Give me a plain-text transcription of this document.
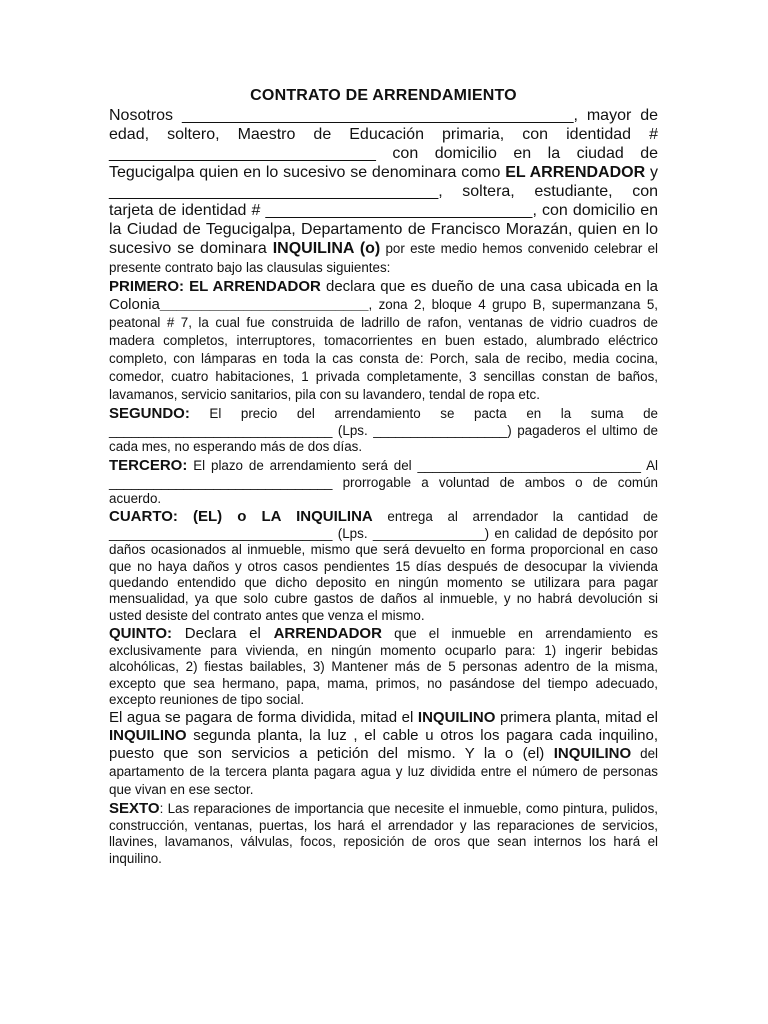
CONTRATO DE ARRENDAMIENTO

Nosotros ____________________________________________, mayor de edad, soltero, Maestro de Educación primaria, con identidad # ______________________________ con domicilio en la ciudad de Tegucigalpa quien en lo sucesivo se denominara como EL ARRENDADOR y _____________________________________, soltera, estudiante, con tarjeta de identidad # ______________________________, con domicilio en la Ciudad de Tegucigalpa, Departamento de Francisco Morazán, quien en lo sucesivo se dominara INQUILINA (o) por este medio hemos convenido celebrar el presente contrato bajo las clausulas siguientes:

PRIMERO: EL ARRENDADOR declara que es dueño de una casa ubicada en la Colonia_________________________, zona 2, bloque 4 grupo B, supermanzana 5, peatonal # 7, la cual fue construida de ladrillo de rafon, ventanas de vidrio cuadros de madera completos, interruptores, tomacorrientes en buen estado, alumbrado eléctrico completo, con lámparas en toda la cas consta de: Porch, sala de recibo, media cocina, comedor, cuatro habitaciones, 1 privada completamente, 3 sencillas constan de baños, lavamanos, servicio sanitarios, pila con su lavandero, tendal de ropa etc.

SEGUNDO: El precio del arrendamiento se pacta en la suma de ______________________________ (Lps. __________________) pagaderos el ultimo de cada mes, no esperando más de dos días.

TERCERO: El plazo de arrendamiento será del ______________________________ Al ______________________________ prorrogable a voluntad de ambos o de común acuerdo.

CUARTO: (EL) o LA INQUILINA entrega al arrendador la cantidad de ______________________________ (Lps. _______________) en calidad de depósito por daños ocasionados al inmueble, mismo que será devuelto en forma proporcional en caso que no haya daños y otros casos pendientes 15 días después de desocupar la vivienda quedando entendido que dicho deposito en ningún momento se utilizara para pagar mensualidad, ya que solo cubre gastos de daños al inmueble, y no habrá devolución si usted desiste del contrato antes que venza el mismo.

QUINTO: Declara el ARRENDADOR que el inmueble en arrendamiento es exclusivamente para vivienda, en ningún momento ocuparlo para: 1) ingerir bebidas alcohólicas, 2) fiestas bailables, 3) Mantener más de 5 personas adentro de la misma, excepto que sea hermano, papa, mama, primos, no pasándose del tiempo adecuado, excepto reuniones de tipo social.

El agua se pagara de forma dividida, mitad el INQUILINO primera planta, mitad el INQUILINO segunda planta, la luz , el cable u otros los pagara cada inquilino, puesto que son servicios a petición del mismo. Y la o (el) INQUILINO del apartamento de la tercera planta pagara agua y luz dividida entre el número de personas que vivan en ese sector.

SEXTO: Las reparaciones de importancia que necesite el inmueble, como pintura, pulidos, construcción, ventanas, puertas, los hará el arrendador y las reparaciones de servicios, llavines, lavamanos, válvulas, focos, reposición de oros que sean internos los hará el inquilino.
